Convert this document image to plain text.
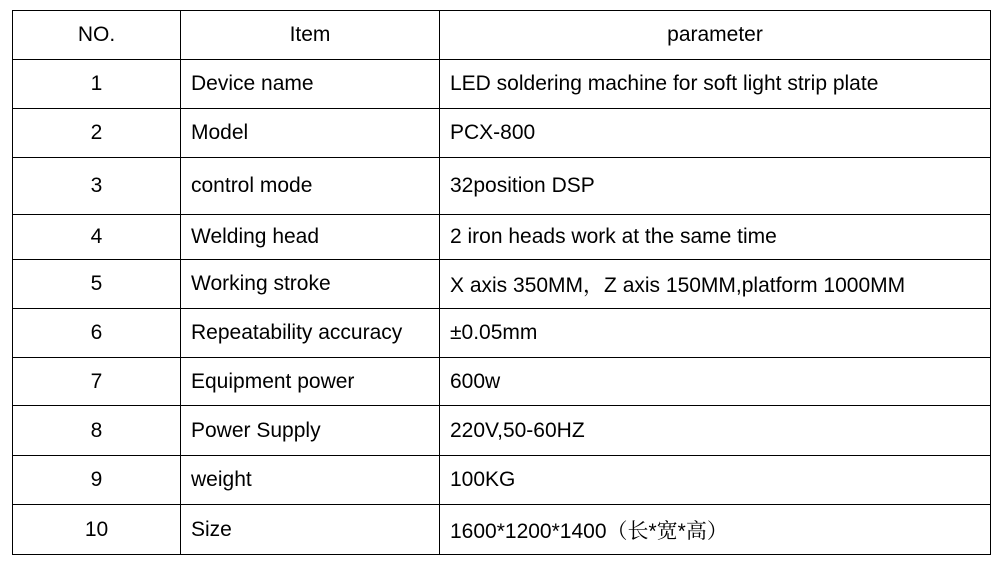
NO.	Item	parameter
1	Device name	LED soldering machine for soft light strip plate
2	Model	PCX-800
3	control mode	32position DSP
4	Welding head	2 iron heads work at the same time
5	Working stroke	X axis 350MM，Z axis 150MM,platform 1000MM
6	Repeatability accuracy	±0.05mm
7	Equipment power	600w
8	Power Supply	220V,50-60HZ
9	weight	100KG
10	Size	1600*1200*1400（长*宽*高）
